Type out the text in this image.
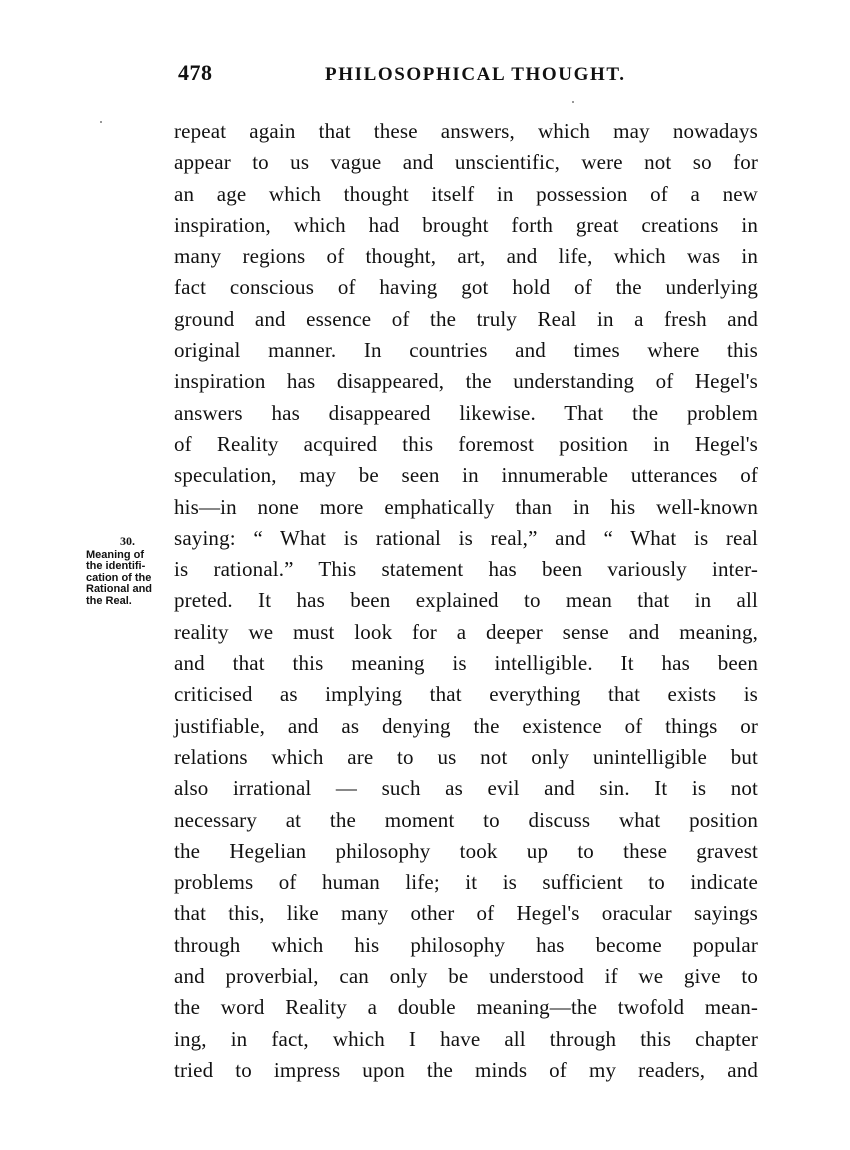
478	PHILOSOPHICAL THOUGHT.
30.
Meaning of
the identifi-
cation of the
Rational and
the Real.
repeat again that these answers, which may nowadays
appear to us vague and unscientific, were not so for
an age which thought itself in possession of a new
inspiration, which had brought forth great creations in
many regions of thought, art, and life, which was in
fact conscious of having got hold of the underlying
ground and essence of the truly Real in a fresh and
original manner. In countries and times where this
inspiration has disappeared, the understanding of Hegel's
answers has disappeared likewise. That the problem
of Reality acquired this foremost position in Hegel's
speculation, may be seen in innumerable utterances of
his—in none more emphatically than in his well-known
saying: “ What is rational is real,” and “ What is real
is rational.” This statement has been variously inter-
preted. It has been explained to mean that in all
reality we must look for a deeper sense and meaning,
and that this meaning is intelligible. It has been
criticised as implying that everything that exists is
justifiable, and as denying the existence of things or
relations which are to us not only unintelligible but
also irrational — such as evil and sin. It is not
necessary at the moment to discuss what position
the Hegelian philosophy took up to these gravest
problems of human life; it is sufficient to indicate
that this, like many other of Hegel's oracular sayings
through which his philosophy has become popular
and proverbial, can only be understood if we give to
the word Reality a double meaning—the twofold mean-
ing, in fact, which I have all through this chapter
tried to impress upon the minds of my readers, and
